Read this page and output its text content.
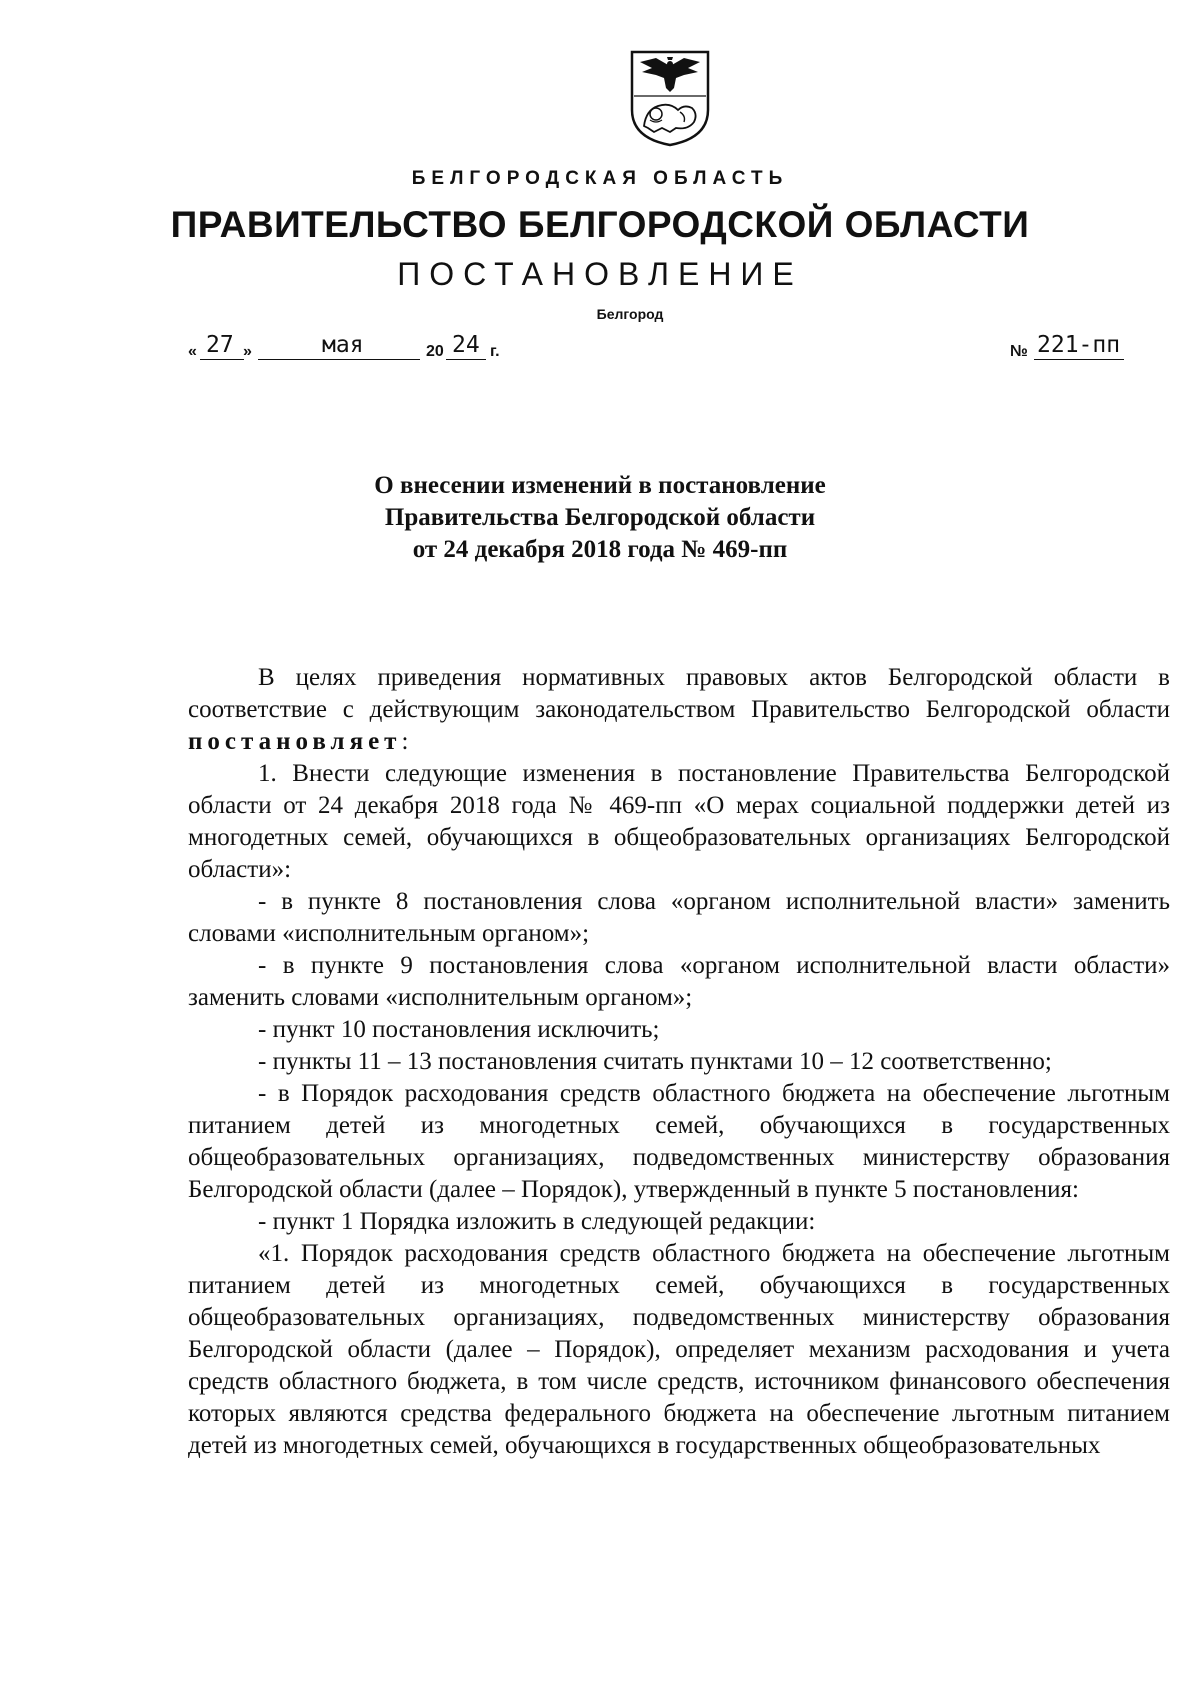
БЕЛГОРОДСКАЯ ОБЛАСТЬ
ПРАВИТЕЛЬСТВО БЕЛГОРОДСКОЙ ОБЛАСТИ
ПОСТАНОВЛЕНИЕ
Белгород
« 27 »	мая	20 24 г.	№ 221-пп
О внесении изменений в постановление
Правительства Белгородской области
от 24 декабря 2018 года № 469-пп

В целях приведения нормативных правовых актов Белгородской области в соответствие с действующим законодательством Правительство Белгородской области постановляет:

1. Внести следующие изменения в постановление Правительства Белгородской области от 24 декабря 2018 года № 469-пп «О мерах социальной поддержки детей из многодетных семей, обучающихся в общеобразовательных организациях Белгородской области»:

- в пункте 8 постановления слова «органом исполнительной власти» заменить словами «исполнительным органом»;

- в пункте 9 постановления слова «органом исполнительной власти области» заменить словами «исполнительным органом»;

- пункт 10 постановления исключить;

- пункты 11 – 13 постановления считать пунктами 10 – 12 соответственно;

- в Порядок расходования средств областного бюджета на обеспечение льготным питанием детей из многодетных семей, обучающихся в государственных общеобразовательных организациях, подведомственных министерству образования Белгородской области (далее – Порядок), утвержденный в пункте 5 постановления:

- пункт 1 Порядка изложить в следующей редакции:

«1. Порядок расходования средств областного бюджета на обеспечение льготным питанием детей из многодетных семей, обучающихся в государственных общеобразовательных организациях, подведомственных министерству образования Белгородской области (далее – Порядок), определяет механизм расходования и учета средств областного бюджета, в том числе средств, источником финансового обеспечения которых являются средства федерального бюджета на обеспечение льготным питанием детей из многодетных семей, обучающихся в государственных общеобразовательных
